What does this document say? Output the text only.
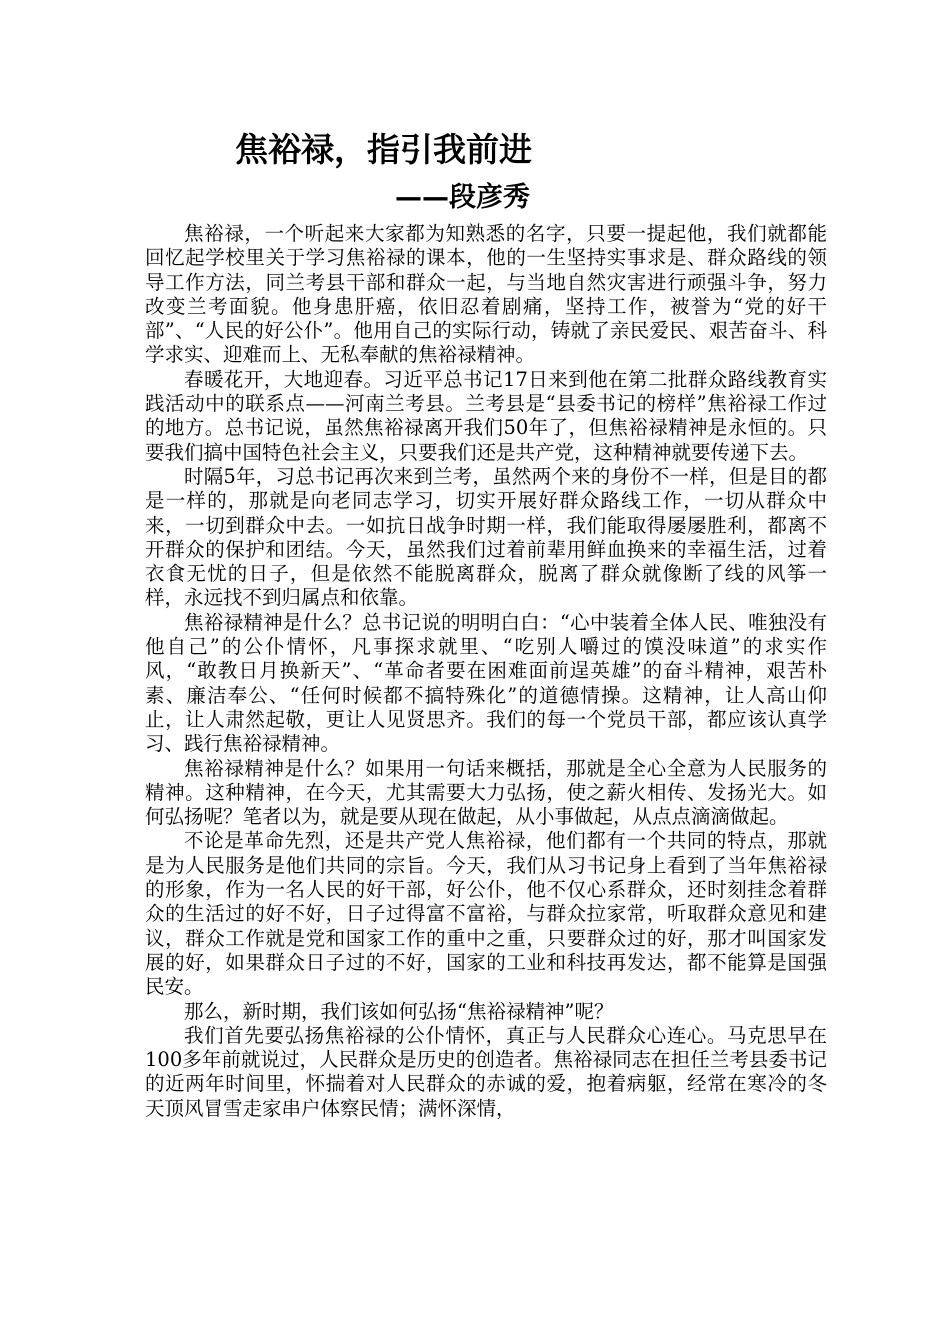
焦裕禄，指引我前进
——段彦秀

焦裕禄，一个听起来大家都为知熟悉的名字，只要一提起他，我们就都能回忆起学校里关于学习焦裕禄的课本，他的一生坚持实事求是、群众路线的领导工作方法，同兰考县干部和群众一起，与当地自然灾害进行顽强斗争，努力改变兰考面貌。他身患肝癌，依旧忍着剧痛，坚持工作，被誉为“党的好干部”、“人民的好公仆”。他用自己的实际行动，铸就了亲民爱民、艰苦奋斗、科学求实、迎难而上、无私奉献的焦裕禄精神。

春暖花开，大地迎春。习近平总书记17日来到他在第二批群众路线教育实践活动中的联系点——河南兰考县。兰考县是“县委书记的榜样”焦裕禄工作过的地方。总书记说，虽然焦裕禄离开我们50年了，但焦裕禄精神是永恒的。只要我们搞中国特色社会主义，只要我们还是共产党，这种精神就要传递下去。

时隔5年，习总书记再次来到兰考，虽然两个来的身份不一样，但是目的都是一样的，那就是向老同志学习，切实开展好群众路线工作，一切从群众中来，一切到群众中去。一如抗日战争时期一样，我们能取得屡屡胜利，都离不开群众的保护和团结。今天，虽然我们过着前辈用鲜血换来的幸福生活，过着衣食无忧的日子，但是依然不能脱离群众，脱离了群众就像断了线的风筝一样，永远找不到归属点和依靠。

焦裕禄精神是什么？总书记说的明明白白：“心中装着全体人民、唯独没有他自己”的公仆情怀，凡事探求就里、“吃别人嚼过的馍没味道”的求实作风，“敢教日月换新天”、“革命者要在困难面前逞英雄”的奋斗精神，艰苦朴素、廉洁奉公、“任何时候都不搞特殊化”的道德情操。这精神，让人高山仰止，让人肃然起敬，更让人见贤思齐。我们的每一个党员干部，都应该认真学习、践行焦裕禄精神。

焦裕禄精神是什么？如果用一句话来概括，那就是全心全意为人民服务的精神。这种精神，在今天，尤其需要大力弘扬，使之薪火相传、发扬光大。如何弘扬呢？笔者以为，就是要从现在做起，从小事做起，从点点滴滴做起。

不论是革命先烈，还是共产党人焦裕禄，他们都有一个共同的特点，那就是为人民服务是他们共同的宗旨。今天，我们从习书记身上看到了当年焦裕禄的形象，作为一名人民的好干部，好公仆，他不仅心系群众，还时刻挂念着群众的生活过的好不好，日子过得富不富裕，与群众拉家常，听取群众意见和建议，群众工作就是党和国家工作的重中之重，只要群众过的好，那才叫国家发展的好，如果群众日子过的不好，国家的工业和科技再发达，都不能算是国强民安。

那么，新时期，我们该如何弘扬“焦裕禄精神”呢？

我们首先要弘扬焦裕禄的公仆情怀，真正与人民群众心连心。马克思早在100多年前就说过，人民群众是历史的创造者。焦裕禄同志在担任兰考县委书记的近两年时间里，怀揣着对人民群众的赤诚的爱，抱着病躯，经常在寒冷的冬天顶风冒雪走家串户体察民情；满怀深情，
